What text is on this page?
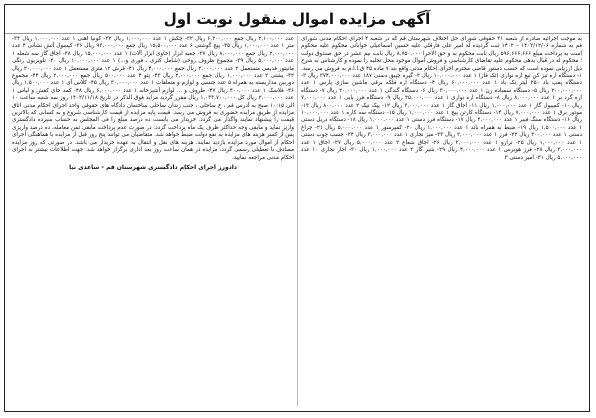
آگهی مزایده اموال منقول نوبت اول

به موجب اجرائیه صادره از شعبه ۳۱ حقوقی شورای حل اختلاف شهرستان قم که در شعبه ۴ اجرای احکام مدنی شورای قم به شماره ۱۴۰۲/۱۲/۰۶ – ۱۴۰۲ ثبت گردیده له امیر علی فارقلی علیه حسین اسماعیلی خوابانی محکوم علیه محکوم است به پرداخت مبلغ ۵۹۶,۶۶۶,۶۶۶ ریال بابت محکوم به و حق الاجرا ۸,۷۵۰,۰۰۰ ریال بابت نیم عشر در حق صندوق دولت ؛ محکوم له در قبال بدهی محکوم علیه تقاضای کارشناسی و فروش اموال موجود محل تحلیه را نموده و کارشناس به شرح ذیل ارزیابی نموده است که حسب دستور قاضی محترم اجرای احکام مدنی واقع بند ۷ ماده ۴۵ ق.ا.ا.م به فروش می رسد. ۱- دستگاه اره تیز کن تیغ اره نواری (تک فاز) ۱ عدد ۱۰,۰۰۰,۰۰۰ ریال ۲- گیره چپیق دستی ۱۸۷ عدد ۳۷۴,۰۰۰,۰۰۰ ریال ۳- دستگاه پمپ باد ۲۵۰ لیتر تک باد ۱ عدد ۶۰,۰۰۰,۰۰۰ ریال ۴- دستگاه اره فلکه برقی ماشین سازی پارس ۱ عدد ۲۰۰,۰۰۰,۰۰۰ ریال ۵- دستگاه سمباده زن ۱ عدد ۳۰,۰۰۰,۰۰۰ ریال ۶- دستگاه گندگی ۱ عدد ۲۰,۰۰۰,۰۰۰ ریال ۷- دستگاه اره گرد بر ۱ عدد ۸,۰۰۰,۰۰۰ ریال ۸- دستگاه اره نواری ۱ عدد ۲۵,۰۰۰,۰۰۰ ریال ۹- دستگاه فرز پایی ۱ عدد ۷,۰۰۰,۰۰۰ ریال ۱۰- کمپیول گاز ۱ عدد ۱,۰۰۰,۰۰۰ ریال ۱۱- اجاق گاز ۱ عدد ۳,۰۰۰,۰۰۰ ریال ۱۲- پیک نیک ۲ عدد ۸۰۰,۰۰۰ ریال ۱۳- موتور برق ۱ عدد ۷,۰۰۰,۰۰۰ ریال ۱۴- دستگاه کارتن پیچ ۱ عدد ۱,۰۰۰,۰۰۰ ریال ۱۵- دستگاه سه کاره ۱ عدد ۱۰,۰۰۰,۰۰۰ ریال ۱۶- دستگاه سنگ فیبر ۱ عدد ۴,۰۰۰,۰۰۰ ریال ۱۷- دستگاه فرز دستی ۱ عدد ۱,۰۰۰,۰۰۰ ریال ۱۸- دستگاه دریل دستی ۱ عدد ۱,۵۰۰,۰۰۰ ریال ۱۹- ضبط به همراه باند ۱ عدد ۱,۰۰۰,۰۰۰ ریال ۲۰- کمپرسور ۱ عدد ۵,۰۰۰,۰۰۰ ریال ۲۱- چراغ دستی ۱ عدد ۳۰۰,۰۰۰ ریال ۲۲- فرز ۱ عدد ۲,۰۰۰,۰۰۰ ریال ۲۳- میز نجاری ۱ عدد ۳,۰۰۰,۰۰۰ ریال ۲۴- جسب چوب دستی ۱ عدد ۱,۰۰۰,۰۰۰ ریال ۲۵- ترازو ۱ عدد ۲,۰۰۰,۰۰۰ ریال ۲۶- اجاق شعاع ۲ عدد ۵,۰۰۰,۰۰۰ ریال ۲۷- اجاق ۱ عدد ۳,۰۰۰,۰۰۰ ریال ۲۸- فرز هوبرس ۱ عدد ۴,۰۰۰,۰۰۰ ریال ۲۹- شیر گاز ۲ عدد ۱,۰۰۰,۰۰۰ ریال ۳۰- اجار نجاری ۱۰ عدد ۵,۰۰۰,۰۰۰ ریال ۳۱- امیر دستی ۳

عدد ۲,۱۰۰,۰۰۰ ریال جمع ۶,۳۰۰,۰۰۰ ریال ۳۲- چکش ۱ عدد ۱,۰۰۰,۰۰۰ ریال ۳۳- گونیا آهنی ۱ عدد ۱,۰۰۰,۰۰۰ ریال ۳۴- متر ۱ عدد ۱,۰۰۰,۰۰۰ ریال ۳۵- پیچ گوشتی ۶ عدد ۱۵,۵۰۰,۰۰۰ ریال جمع ۹۳,۰۰۰,۰۰۰ ریال ۳۶- کپسول آتش نشانی ۴ عدد ۲,۰۰۰,۰۰۰ ریال جمع ۸,۰۰۰,۰۰۰ ریال ۳۷- جعبه ابزار (حاوی ابزار آلات) ۱ عدد ۱۵,۰۰۰,۰۰۰ ریال ۳۸- اجاق گاز سه شعله ۱ عدد ۵,۰۰۰,۰۰۰ ریال ۳۹- مجموع ظروف روحی (شامل کتری ، قوری و...) ۱ عدد ۱۰,۰۰۰,۰۰۰ ریال ۴۰- تلویزیون رنگی مانیتور قدیمی مستعمل ۲ عدد ۲,۰۰۰,۰۰۰ ریال جمع ۴,۰۰۰,۰۰۰ ریال ۴۱- فرش ۱۲ متری مستعمل ۱ عدد ۲۰,۰۰۰,۰۰۰ ریال ۴۲- پشتی ۲ عدد ۱,۰۰۰,۰۰۰ ریال جمع ۲,۰۰۰,۰۰۰ ریال ۴۳- پتو ۴ عدد ۵۰۰,۰۰۰ ریال جمع ۲,۰۰۰,۰۰۰ ریال ۴۴- مجموع دوربین مداربسته به همراه ۵ عدد جنسی و لوازم و متعلقات ۱ عدد ۳۰,۰۰۰,۰۰۰ ریال ۴۵- کلاس آی ۱ عدد ۱,۵۰۰,۰۰۰ ریال ۴۶- فلاسک ۱ عدد ۴۰۰,۰۰۰ ریال ۴۷- ظروف و ... لوازم آشپزخانه ۱ عدد ۶,۰۰۰,۰۰۰ ریال ۴۸- کمد جای کفش و لباس ۱ عدد ۲,۰۰۰,۰۰۰ ریال کل ۱,۰۳۳,۷۰۰,۰۰۰ ریال مقرر گردید مزاید فوق الذکر در تاریخ ۱۴۰۲/۱۱/۱۸ روز سه شنبه ساعت ۱۰ الی ۱۰:۱۵ صبح به آدرس قم ، خ ساحلی ، جنب زندان ساحلی ساختمان دادگاه های حقوقی واحد اجرای احکام مدنی اتاق مزایده از طریق مزایده حضوری به فروش می رسد. قیمت پایه مزایده از قیمت کارشناسی شروع و به کسانی که بالاترین قیمت را پیشنهاد نمایند واگذار می گردد. خریدار می بایست ده درصد مبلغ را فی المجلس به حساب سپرده دادگستری واریز نماید و مابقی وجه حداکثر ظرف یک ماه پرداخت گردد. در صورت عدم پرداخت مابقی ثمن معامله، ده درصد واریزی پس از کسر هزینه های مزایده به نفع دولت ضبط خواهد شد. متقاضیان می توانند پنج روز قبل از مزایده با هماهنگی اجرای احکام از اموال مورد مزایده بازدید نمایند. هزینه های نقل و انتقال به عهده خریدار می باشد. در صورتی که روز مزایده مصادف با تعطیلی رسمی گردد، مزایده در همان ساعت روز بعد اداری برگزار خواهد شد. جهت اطلاعات بیشتر به اجرای احکام مدنی مراجعه نمایید.

دادورز اجرای احکام دادگستری شهرستان قم - ساعدی نیا
